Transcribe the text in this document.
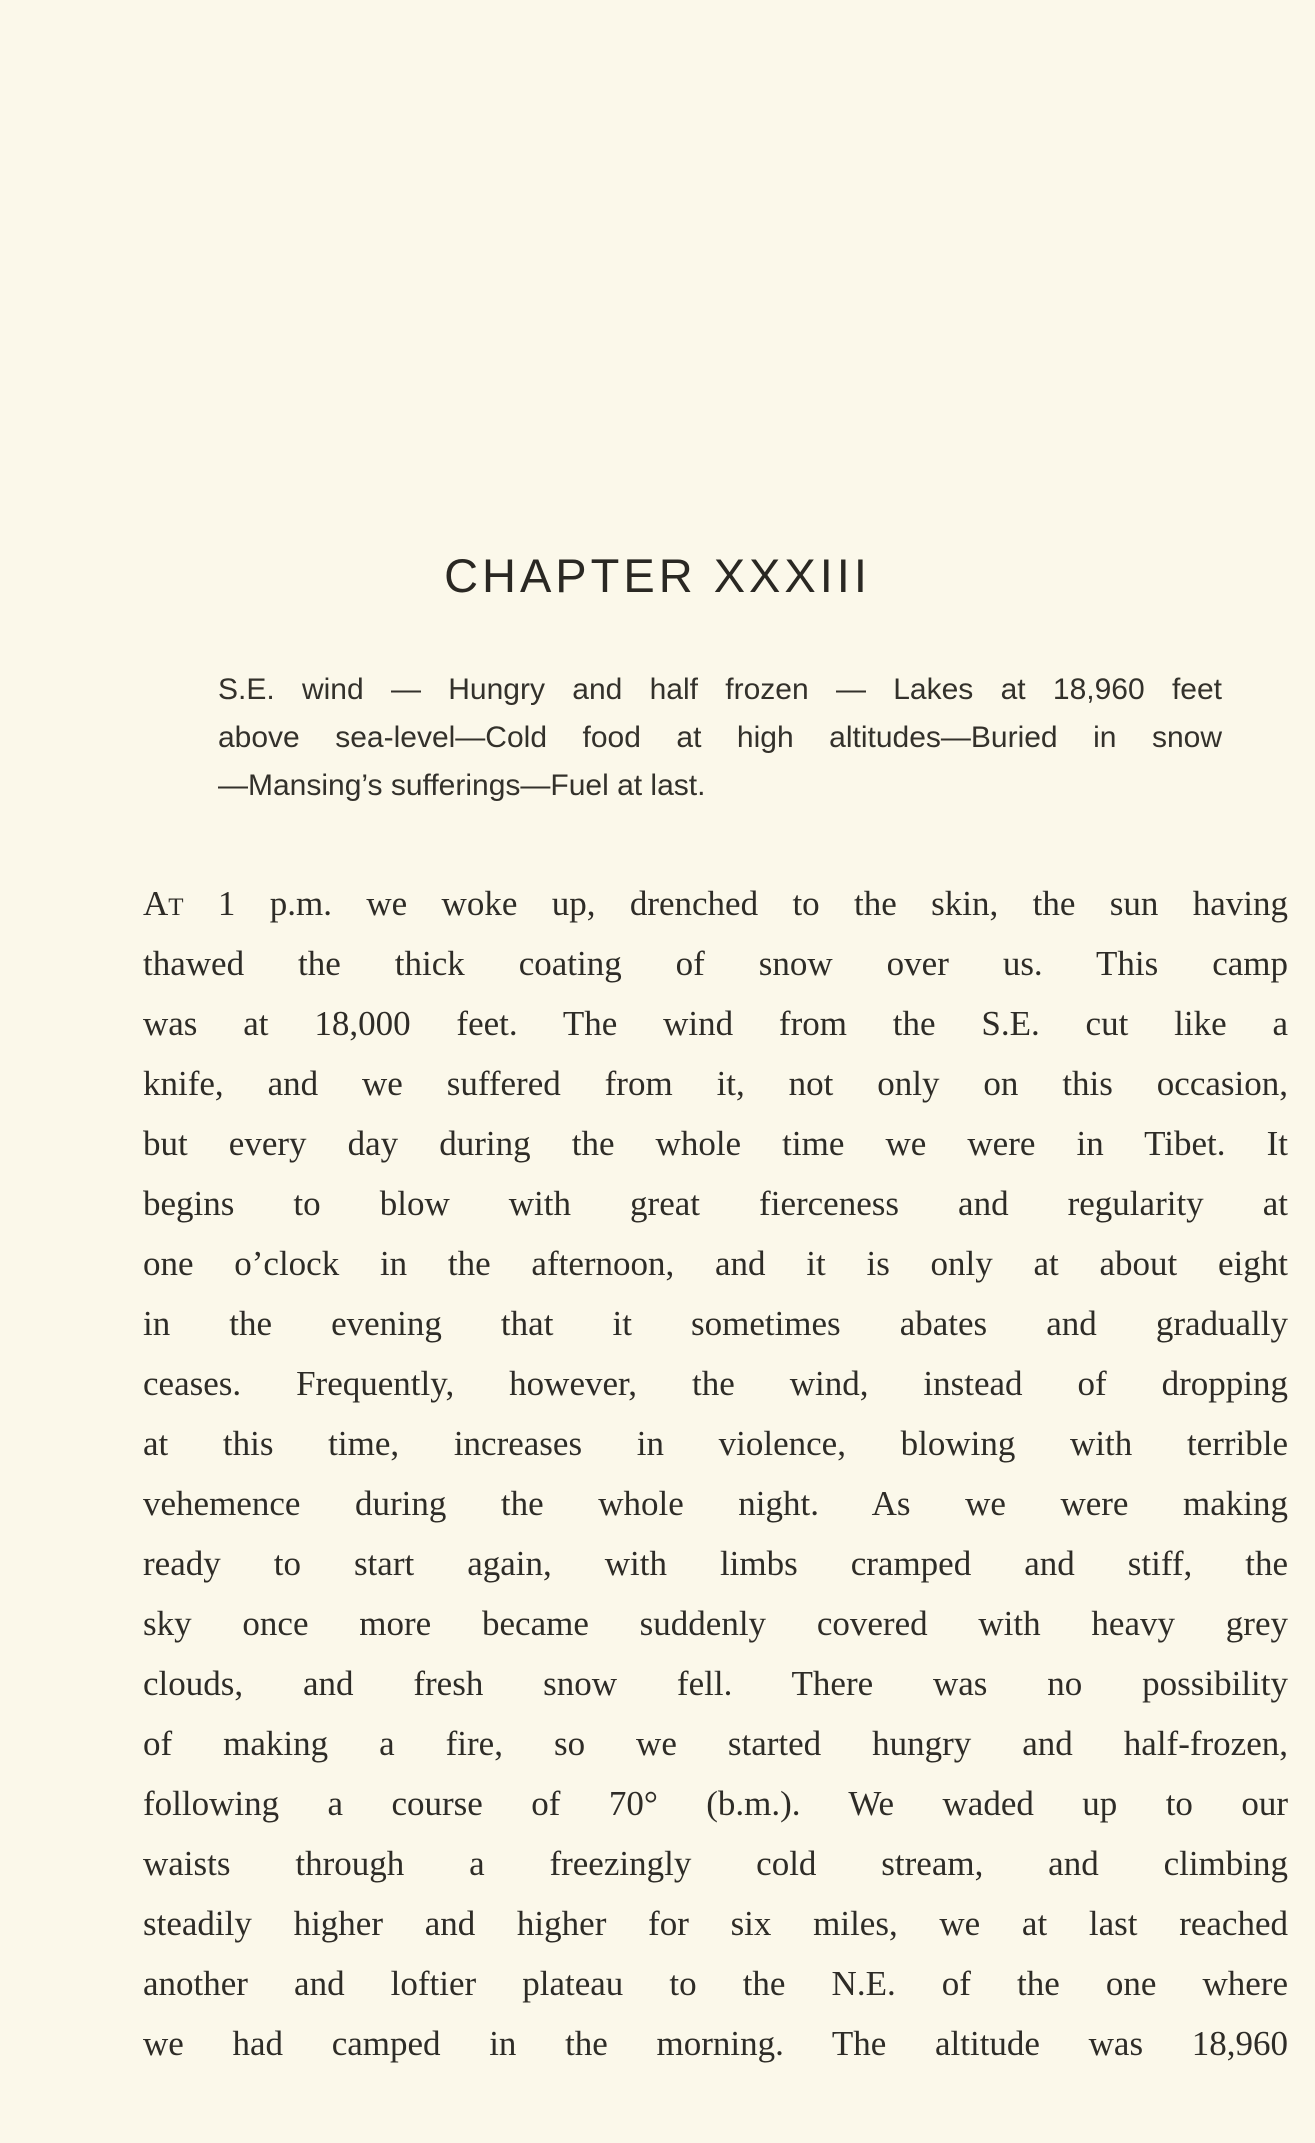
CHAPTER XXXIII
S.E. wind — Hungry and half frozen — Lakes at 18,960 feet
above sea-level—Cold food at high altitudes—Buried in snow
—Mansing’s sufferings—Fuel at last.
At 1 p.m. we woke up, drenched to the skin, the sun having
thawed the thick coating of snow over us. This camp
was at 18,000 feet. The wind from the S.E. cut like a
knife, and we suffered from it, not only on this occasion,
but every day during the whole time we were in Tibet. It
begins to blow with great fierceness and regularity at
one o’clock in the afternoon, and it is only at about eight
in the evening that it sometimes abates and gradually
ceases. Frequently, however, the wind, instead of dropping
at this time, increases in violence, blowing with terrible
vehemence during the whole night. As we were making
ready to start again, with limbs cramped and stiff, the
sky once more became suddenly covered with heavy grey
clouds, and fresh snow fell. There was no possibility
of making a fire, so we started hungry and half-frozen,
following a course of 70° (b.m.). We waded up to our
waists through a freezingly cold stream, and climbing
steadily higher and higher for six miles, we at last reached
another and loftier plateau to the N.E. of the one where
we had camped in the morning. The altitude was 18,960
